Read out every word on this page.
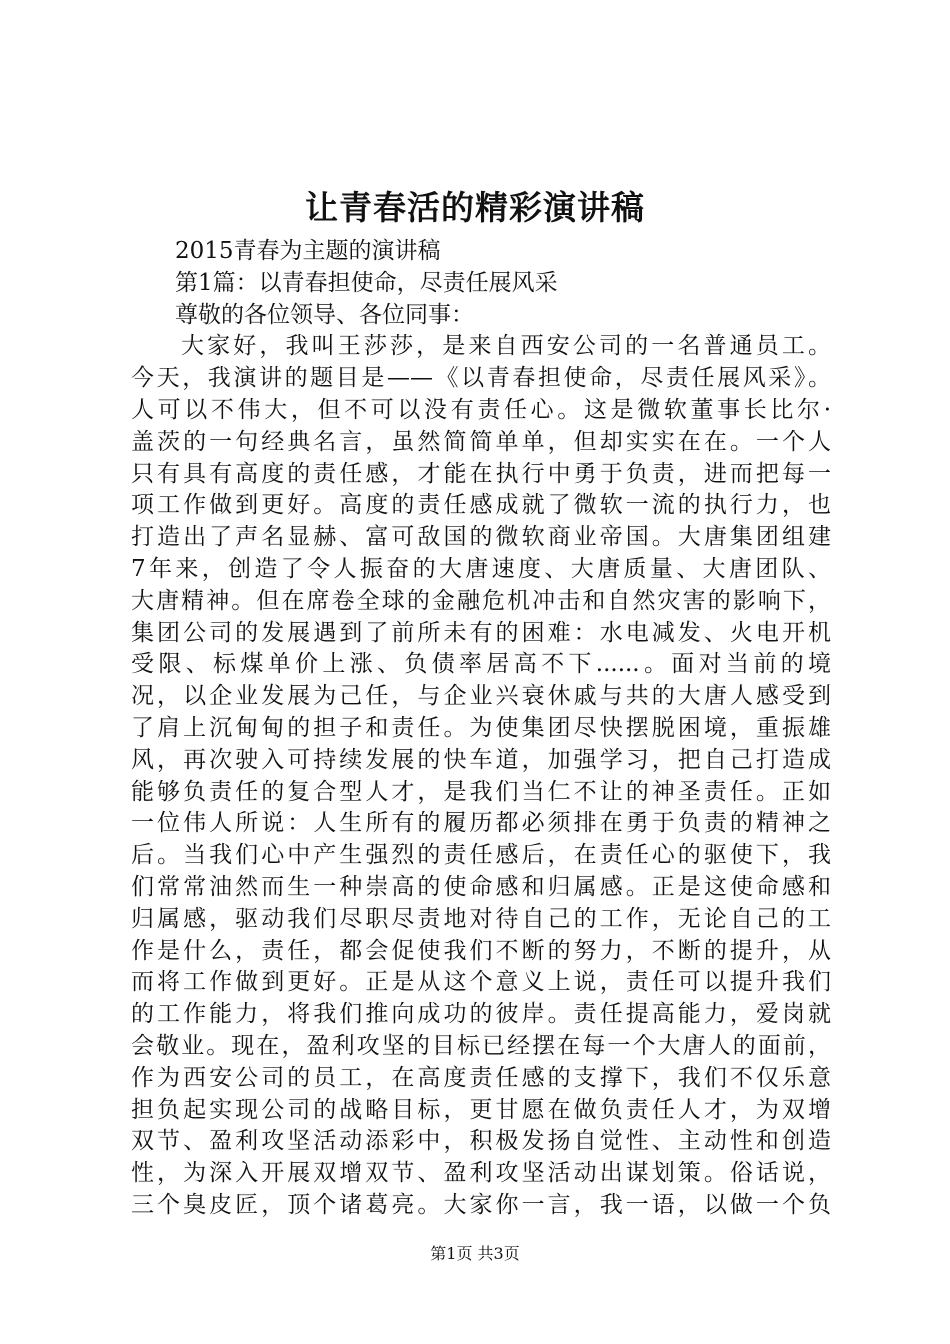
让青春活的精彩演讲稿
2015青春为主题的演讲稿
第1篇：以青春担使命，尽责任展风采
尊敬的各位领导、各位同事：
大家好，我叫王莎莎，是来自西安公司的一名普通员工。
今天，我演讲的题目是——《以青春担使命，尽责任展风采》。
人可以不伟大，但不可以没有责任心。这是微软董事长比尔·
盖茨的一句经典名言，虽然简简单单，但却实实在在。一个人
只有具有高度的责任感，才能在执行中勇于负责，进而把每一
项工作做到更好。高度的责任感成就了微软一流的执行力，也
打造出了声名显赫、富可敌国的微软商业帝国。大唐集团组建
7年来，创造了令人振奋的大唐速度、大唐质量、大唐团队、
大唐精神。但在席卷全球的金融危机冲击和自然灾害的影响下，
集团公司的发展遇到了前所未有的困难：水电减发、火电开机
受限、标煤单价上涨、负债率居高不下......。面对当前的境
况，以企业发展为己任，与企业兴衰休戚与共的大唐人感受到
了肩上沉甸甸的担子和责任。为使集团尽快摆脱困境，重振雄
风，再次驶入可持续发展的快车道，加强学习，把自己打造成
能够负责任的复合型人才，是我们当仁不让的神圣责任。正如
一位伟人所说：人生所有的履历都必须排在勇于负责的精神之
后。当我们心中产生强烈的责任感后，在责任心的驱使下，我
们常常油然而生一种崇高的使命感和归属感。正是这使命感和
归属感，驱动我们尽职尽责地对待自己的工作，无论自己的工
作是什么，责任，都会促使我们不断的努力，不断的提升，从
而将工作做到更好。正是从这个意义上说，责任可以提升我们
的工作能力，将我们推向成功的彼岸。责任提高能力，爱岗就
会敬业。现在，盈利攻坚的目标已经摆在每一个大唐人的面前，
作为西安公司的员工，在高度责任感的支撑下，我们不仅乐意
担负起实现公司的战略目标，更甘愿在做负责任人才，为双增
双节、盈利攻坚活动添彩中，积极发扬自觉性、主动性和创造
性，为深入开展双增双节、盈利攻坚活动出谋划策。俗话说，
三个臭皮匠，顶个诸葛亮。大家你一言，我一语，以做一个负
第1页 共3页
